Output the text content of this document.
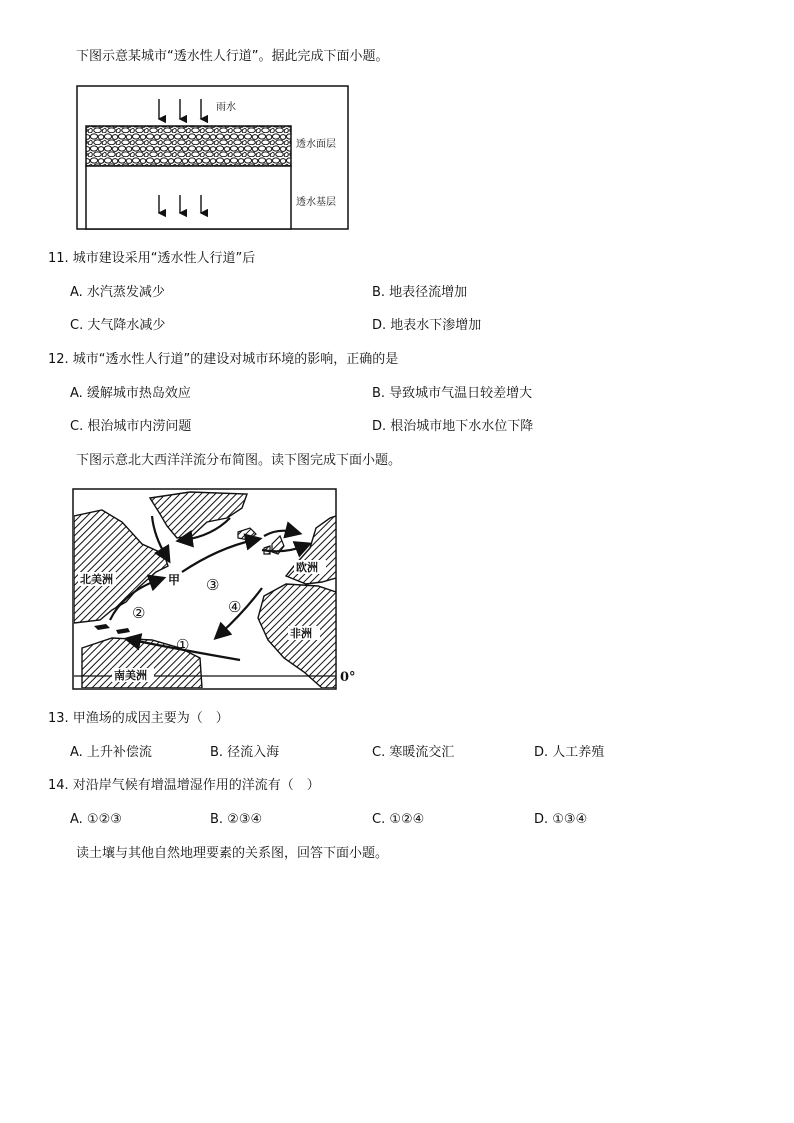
下图示意某城市“透水性人行道”。据此完成下面小题。
雨水
透水面层
透水基层
11. 城市建设采用“透水性人行道”后
A. 水汽蒸发减少	B. 地表径流增加
C. 大气降水减少	D. 地表水下渗增加
12. 城市“透水性人行道”的建设对城市环境的影响，正确的是
A. 缓解城市热岛效应	B. 导致城市气温日较差增大
C. 根治城市内涝问题	D. 根治城市地下水水位下降
下图示意北大西洋洋流分布简图。读下图完成下面小题。
北美洲
南美洲
欧洲
非洲
甲
①
②
③
④
0°
13. 甲渔场的成因主要为（　）
A. 上升补偿流	B. 径流入海	C. 寒暖流交汇	D. 人工养殖
14. 对沿岸气候有增温增湿作用的洋流有（　）
A. ①②③	B. ②③④	C. ①②④	D. ①③④
读土壤与其他自然地理要素的关系图，回答下面小题。
